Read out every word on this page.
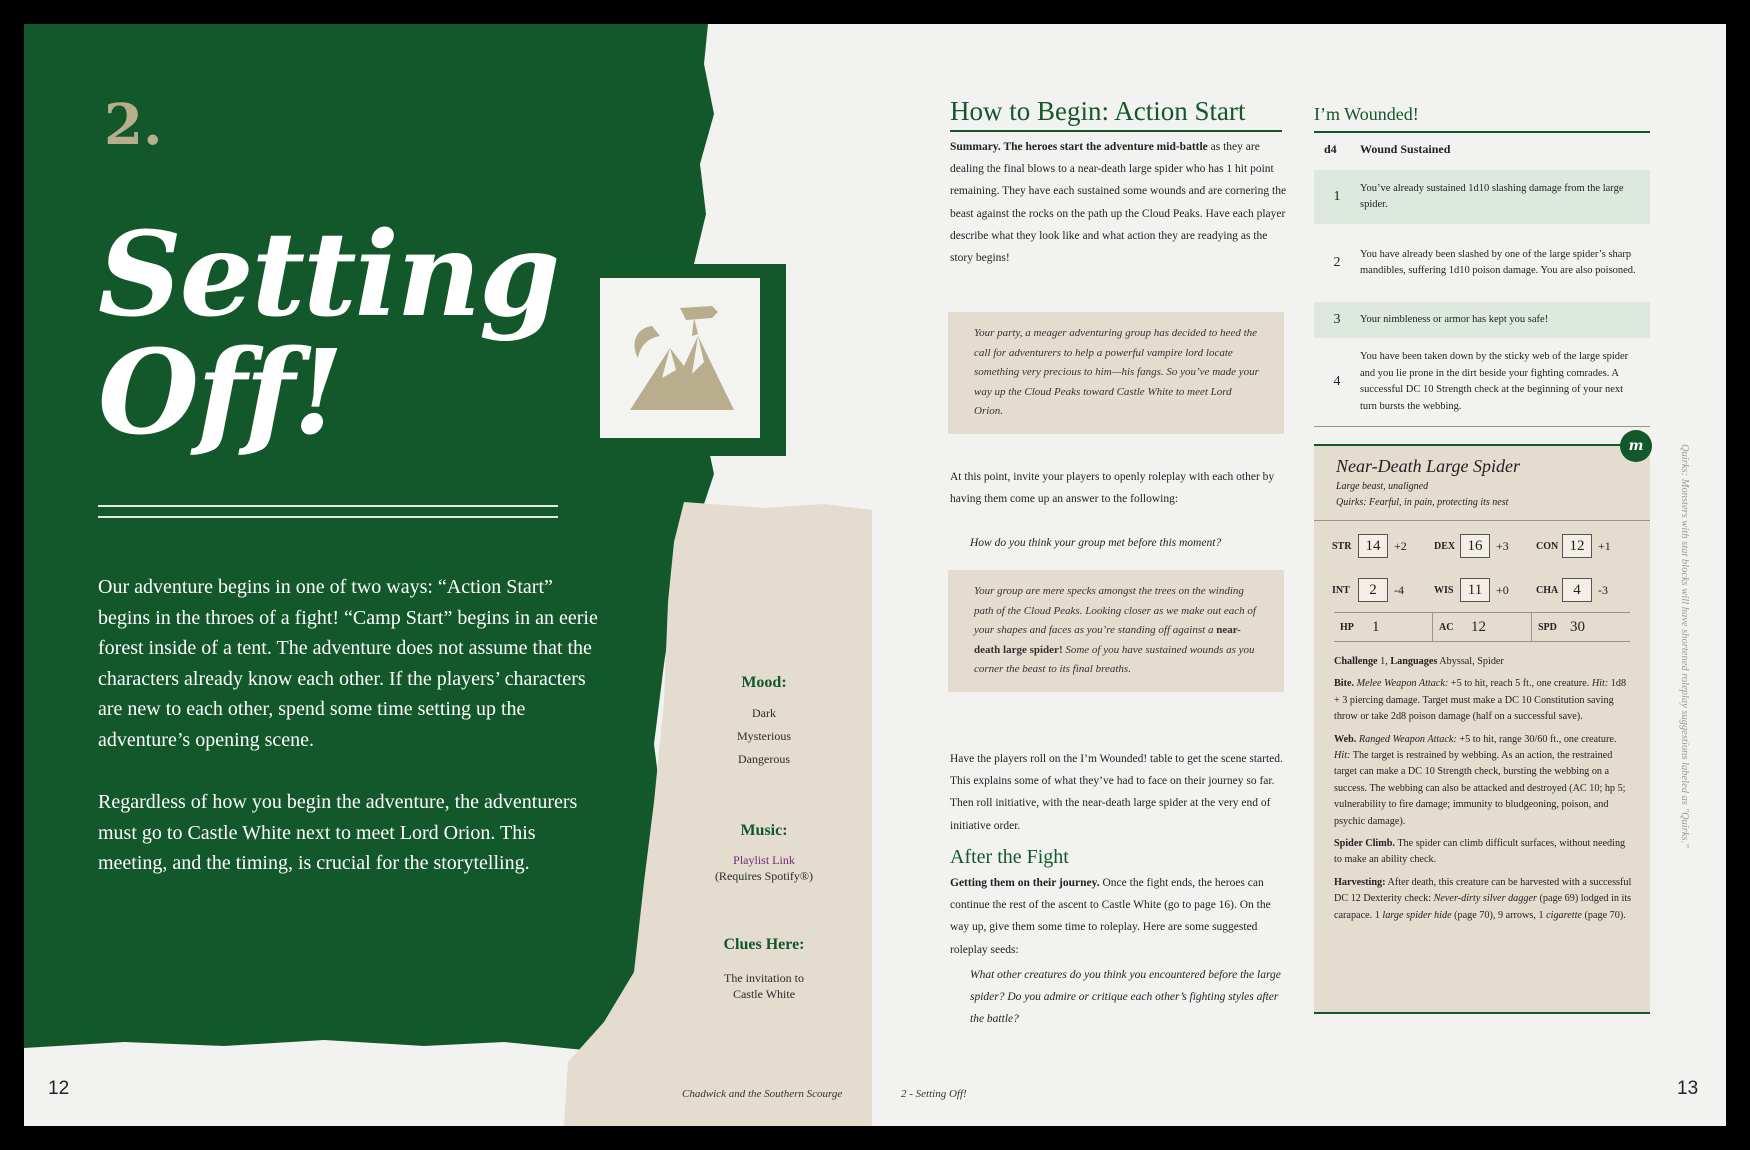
2.
Setting
Off!

Our adventure begins in one of two ways: “Action Start” begins in the throes of a fight! “Camp Start” begins in an eerie forest inside of a tent. The adventure does not assume that the characters already know each other. If the players’ characters are new to each other, spend some time setting up the adventure’s opening scene.

Regardless of how you begin the adventure, the adventurers must go to Castle White next to meet Lord Orion. This meeting, and the timing, is crucial for the storytelling.

Mood:
Dark
Mysterious
Dangerous
Music:
Playlist Link
(Requires Spotify®)
Clues Here:
The invitation to
Castle White
12	Chadwick and the Southern Scourge	2 - Setting Off!	13
How to Begin: Action Start
Summary. The heroes start the adventure mid-battle as they are dealing the final blows to a near-death large spider who has 1 hit point remaining. They have each sustained some wounds and are cornering the beast against the rocks on the path up the Cloud Peaks. Have each player describe what they look like and what action they are readying as the story begins!
Your party, a meager adventuring group has decided to heed the call for adventurers to help a powerful vampire lord locate something very precious to him—his fangs. So you’ve made your way up the Cloud Peaks toward Castle White to meet Lord Orion.
At this point, invite your players to openly roleplay with each other by having them come up an answer to the following:
How do you think your group met before this moment?
Your group are mere specks amongst the trees on the winding path of the Cloud Peaks. Looking closer as we make out each of your shapes and faces as you’re standing off against a near-death large spider! Some of you have sustained wounds as you corner the beast to its final breaths.
Have the players roll on the I’m Wounded! table to get the scene started. This explains some of what they’ve had to face on their journey so far. Then roll initiative, with the near-death large spider at the very end of initiative order.
After the Fight
Getting them on their journey. Once the fight ends, the heroes can continue the rest of the ascent to Castle White (go to page 16). On the way up, give them some time to roleplay. Here are some suggested roleplay seeds:
What other creatures do you think you encountered before the large spider? Do you admire or critique each other’s fighting styles after the battle?
I’m Wounded!
d4 Wound Sustained
1
You’ve already sustained 1d10 slashing damage from the large spider.
2
You have already been slashed by one of the large spider’s sharp mandibles, suffering 1d10 poison damage. You are also poisoned.
3	Your nimbleness or armor has kept you safe!
4
You have been taken down by the sticky web of the large spider and you lie prone in the dirt beside your fighting comrades. A successful DC 10 Strength check at the beginning of your next turn bursts the webbing.
m
Near-Death Large Spider
Large beast, unaligned
Quirks: Fearful, in pain, protecting its nest
STR 14	+2	DEX 16	+3	CON 12	+1
INT	2	-4	WIS 11	+0	CHA	4	-3
HP	1	AC	12	SPD 30

Challenge 1, Languages Abyssal, Spider

Bite. Melee Weapon Attack: +5 to hit, reach 5 ft., one creature. Hit: 1d8 + 3 piercing damage. Target must make a DC 10 Constitution saving throw or take 2d8 poison damage (half on a successful save).

Web. Ranged Weapon Attack: +5 to hit, range 30/60 ft., one creature. Hit: The target is restrained by webbing. As an action, the restrained target can make a DC 10 Strength check, bursting the webbing on a success. The webbing can also be attacked and destroyed (AC 10; hp 5; vulnerability to fire damage; immunity to bludgeoning, poison, and psychic damage).

Spider Climb. The spider can climb difficult surfaces, without needing to make an ability check.

Harvesting: After death, this creature can be harvested with a successful DC 12 Dexterity check: Never-dirty silver dagger (page 69) lodged in its carapace. 1 large spider hide (page 70), 9 arrows, 1 cigarette (page 70).

Quirks: Monsters with stat blocks will have shortened roleplay suggestions labeled as "Quirks."
